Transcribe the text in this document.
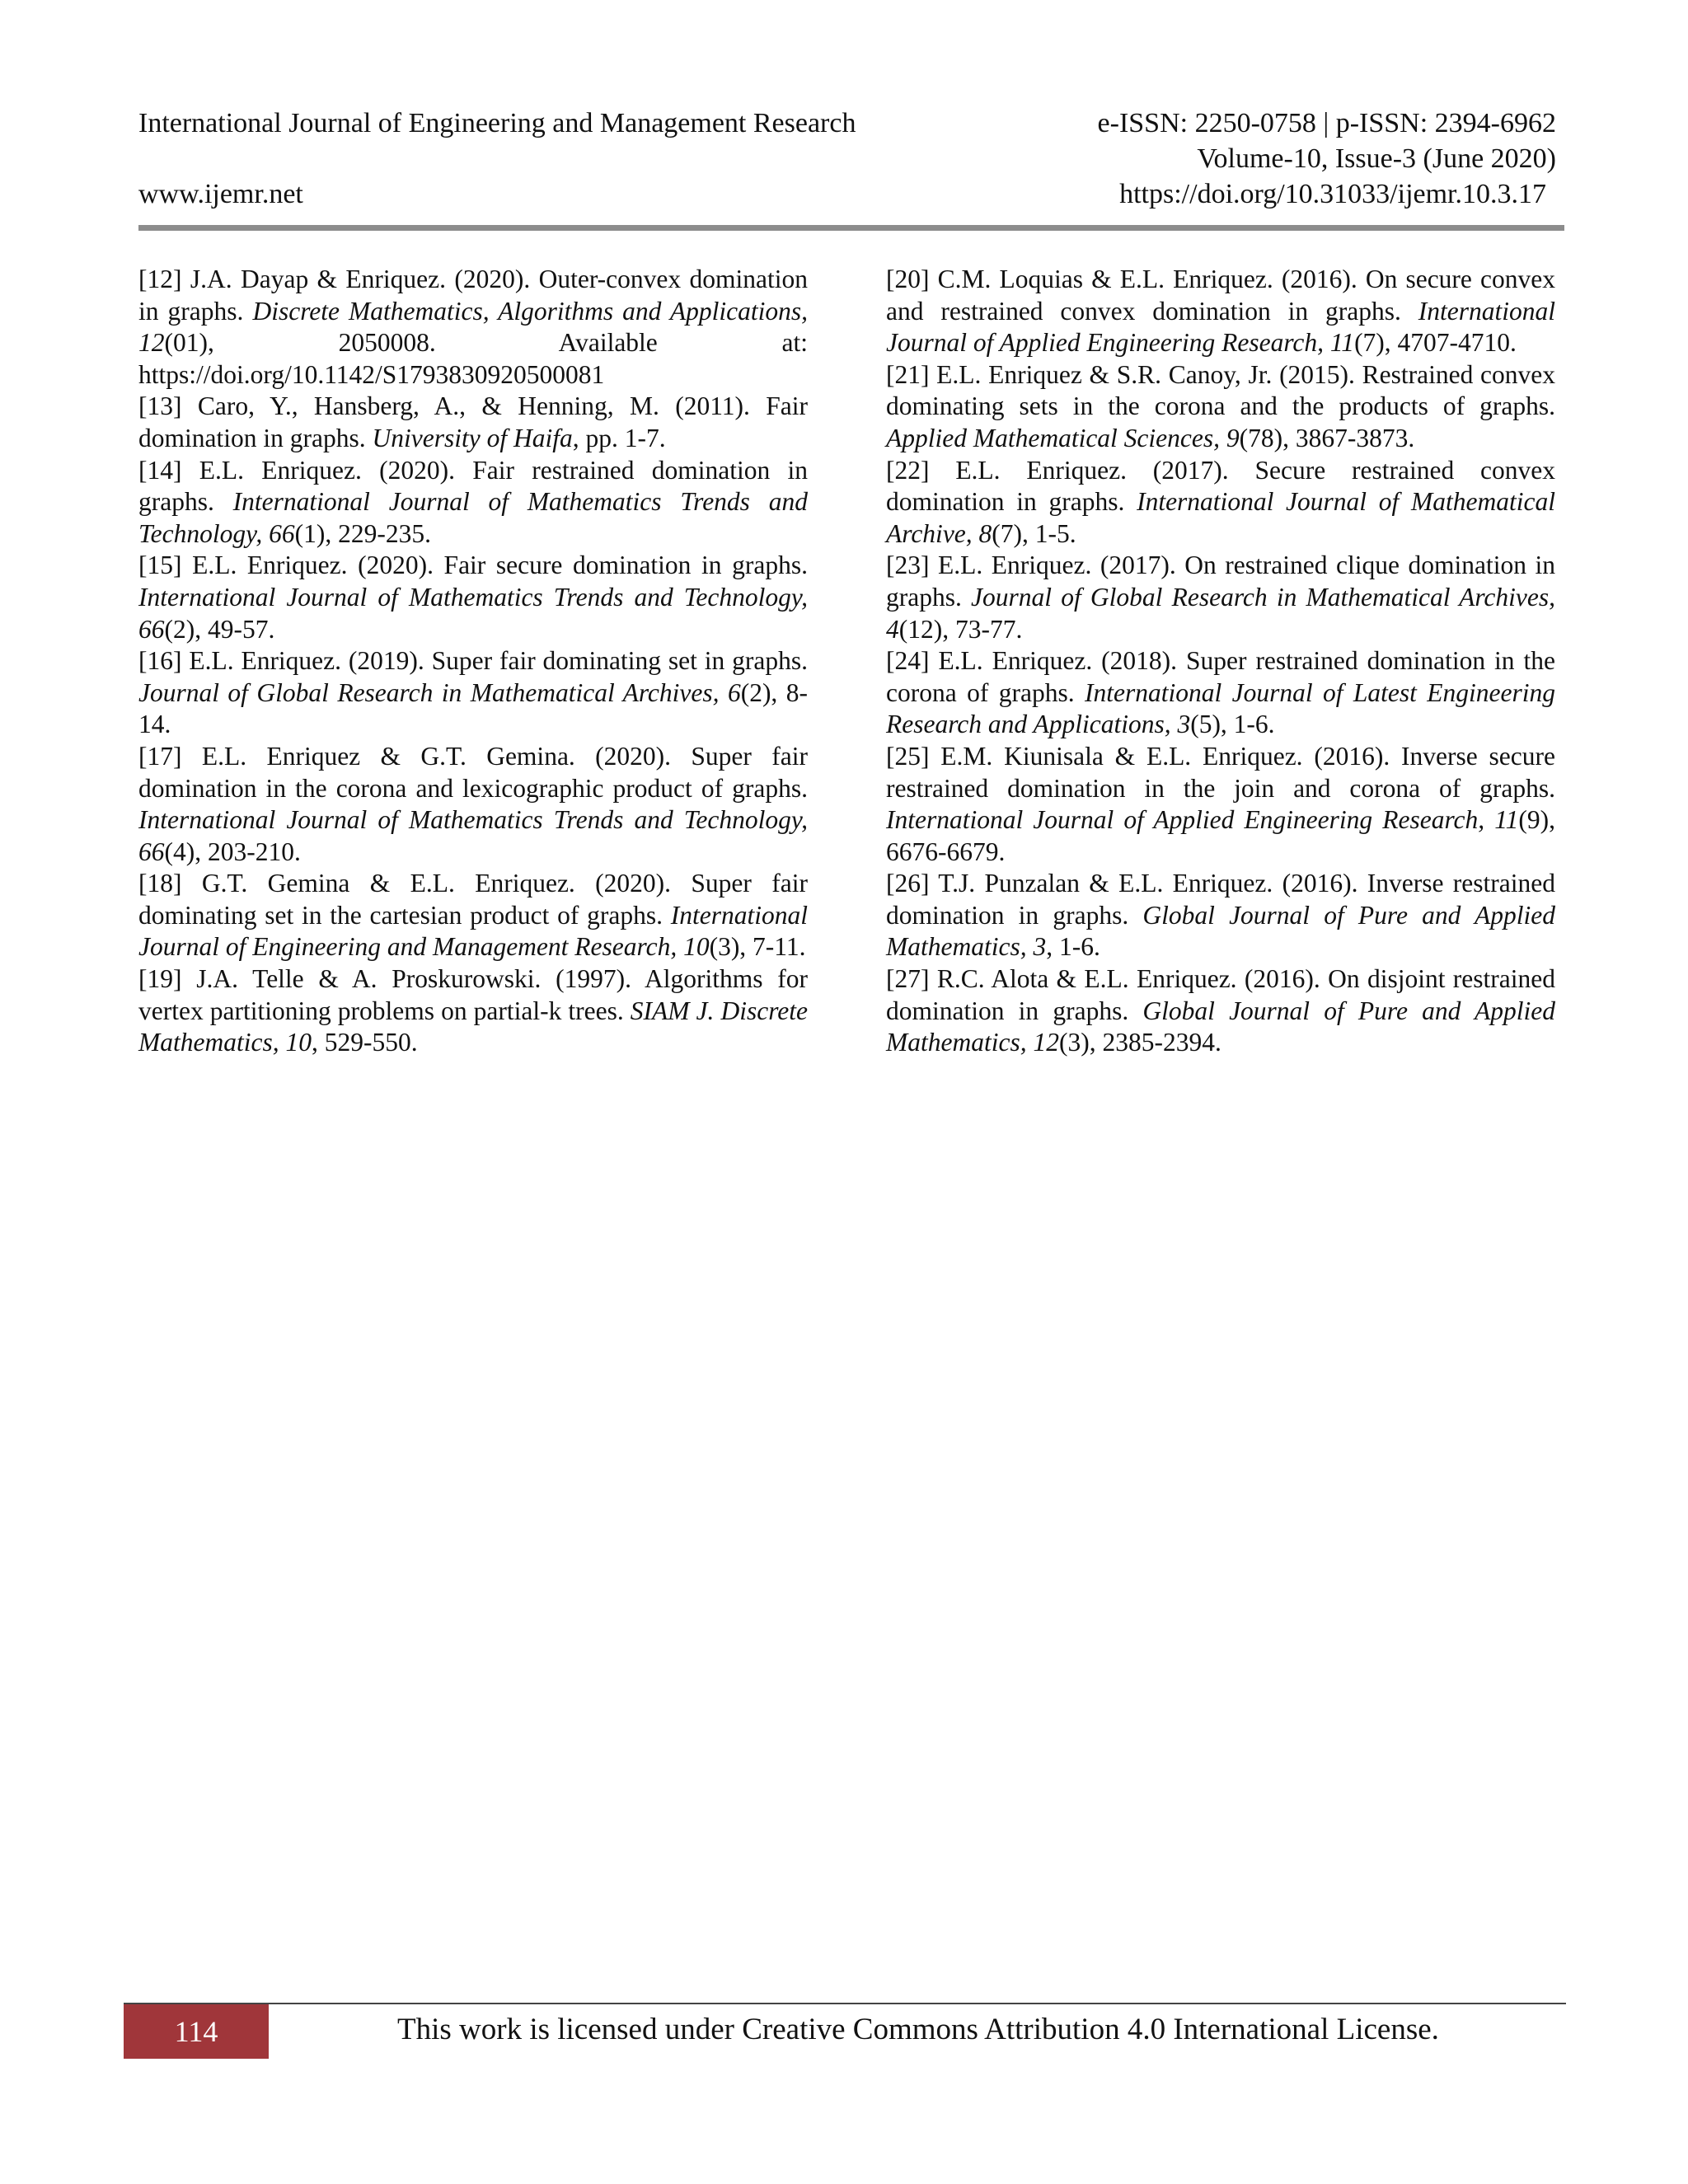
International Journal of Engineering and Management Research	e-ISSN: 2250-0758 | p-ISSN: 2394-6962
Volume-10, Issue-3 (June 2020)
www.ijemr.net	https://doi.org/10.31033/ijemr.10.3.17

[12] J.A. Dayap & Enriquez. (2020). Outer-convex domination in graphs. Discrete Mathematics, Algorithms and Applications, 12(01), 2050008. Available at: https://doi.org/10.1142/S1793830920500081

[13] Caro, Y., Hansberg, A., & Henning, M. (2011). Fair domination in graphs. University of Haifa, pp. 1-7.

[14] E.L. Enriquez. (2020). Fair restrained domination in graphs. International Journal of Mathematics Trends and Technology, 66(1), 229-235.

[15] E.L. Enriquez. (2020). Fair secure domination in graphs. International Journal of Mathematics Trends and Technology, 66(2), 49-57.

[16] E.L. Enriquez. (2019). Super fair dominating set in graphs. Journal of Global Research in Mathematical Archives, 6(2), 8-14.

[17] E.L. Enriquez & G.T. Gemina. (2020). Super fair domination in the corona and lexicographic product of graphs. International Journal of Mathematics Trends and Technology, 66(4), 203-210.

[18] G.T. Gemina & E.L. Enriquez. (2020). Super fair dominating set in the cartesian product of graphs. International Journal of Engineering and Management Research, 10(3), 7-11.

[19] J.A. Telle & A. Proskurowski. (1997). Algorithms for vertex partitioning problems on partial-k trees. SIAM J. Discrete Mathematics, 10, 529-550.

[20] C.M. Loquias & E.L. Enriquez. (2016). On secure convex and restrained convex domination in graphs. International Journal of Applied Engineering Research, 11(7), 4707-4710.

[21] E.L. Enriquez & S.R. Canoy, Jr. (2015). Restrained convex dominating sets in the corona and the products of graphs. Applied Mathematical Sciences, 9(78), 3867-3873.

[22] E.L. Enriquez. (2017). Secure restrained convex domination in graphs. International Journal of Mathematical Archive, 8(7), 1-5.

[23] E.L. Enriquez. (2017). On restrained clique domination in graphs. Journal of Global Research in Mathematical Archives, 4(12), 73-77.

[24] E.L. Enriquez. (2018). Super restrained domination in the corona of graphs. International Journal of Latest Engineering Research and Applications, 3(5), 1-6.

[25] E.M. Kiunisala & E.L. Enriquez. (2016). Inverse secure restrained domination in the join and corona of graphs. International Journal of Applied Engineering Research, 11(9), 6676-6679.

[26] T.J. Punzalan & E.L. Enriquez. (2016). Inverse restrained domination in graphs. Global Journal of Pure and Applied Mathematics, 3, 1-6.

[27] R.C. Alota & E.L. Enriquez. (2016). On disjoint restrained domination in graphs. Global Journal of Pure and Applied Mathematics, 12(3), 2385-2394.

114	This work is licensed under Creative Commons Attribution 4.0 International License.
